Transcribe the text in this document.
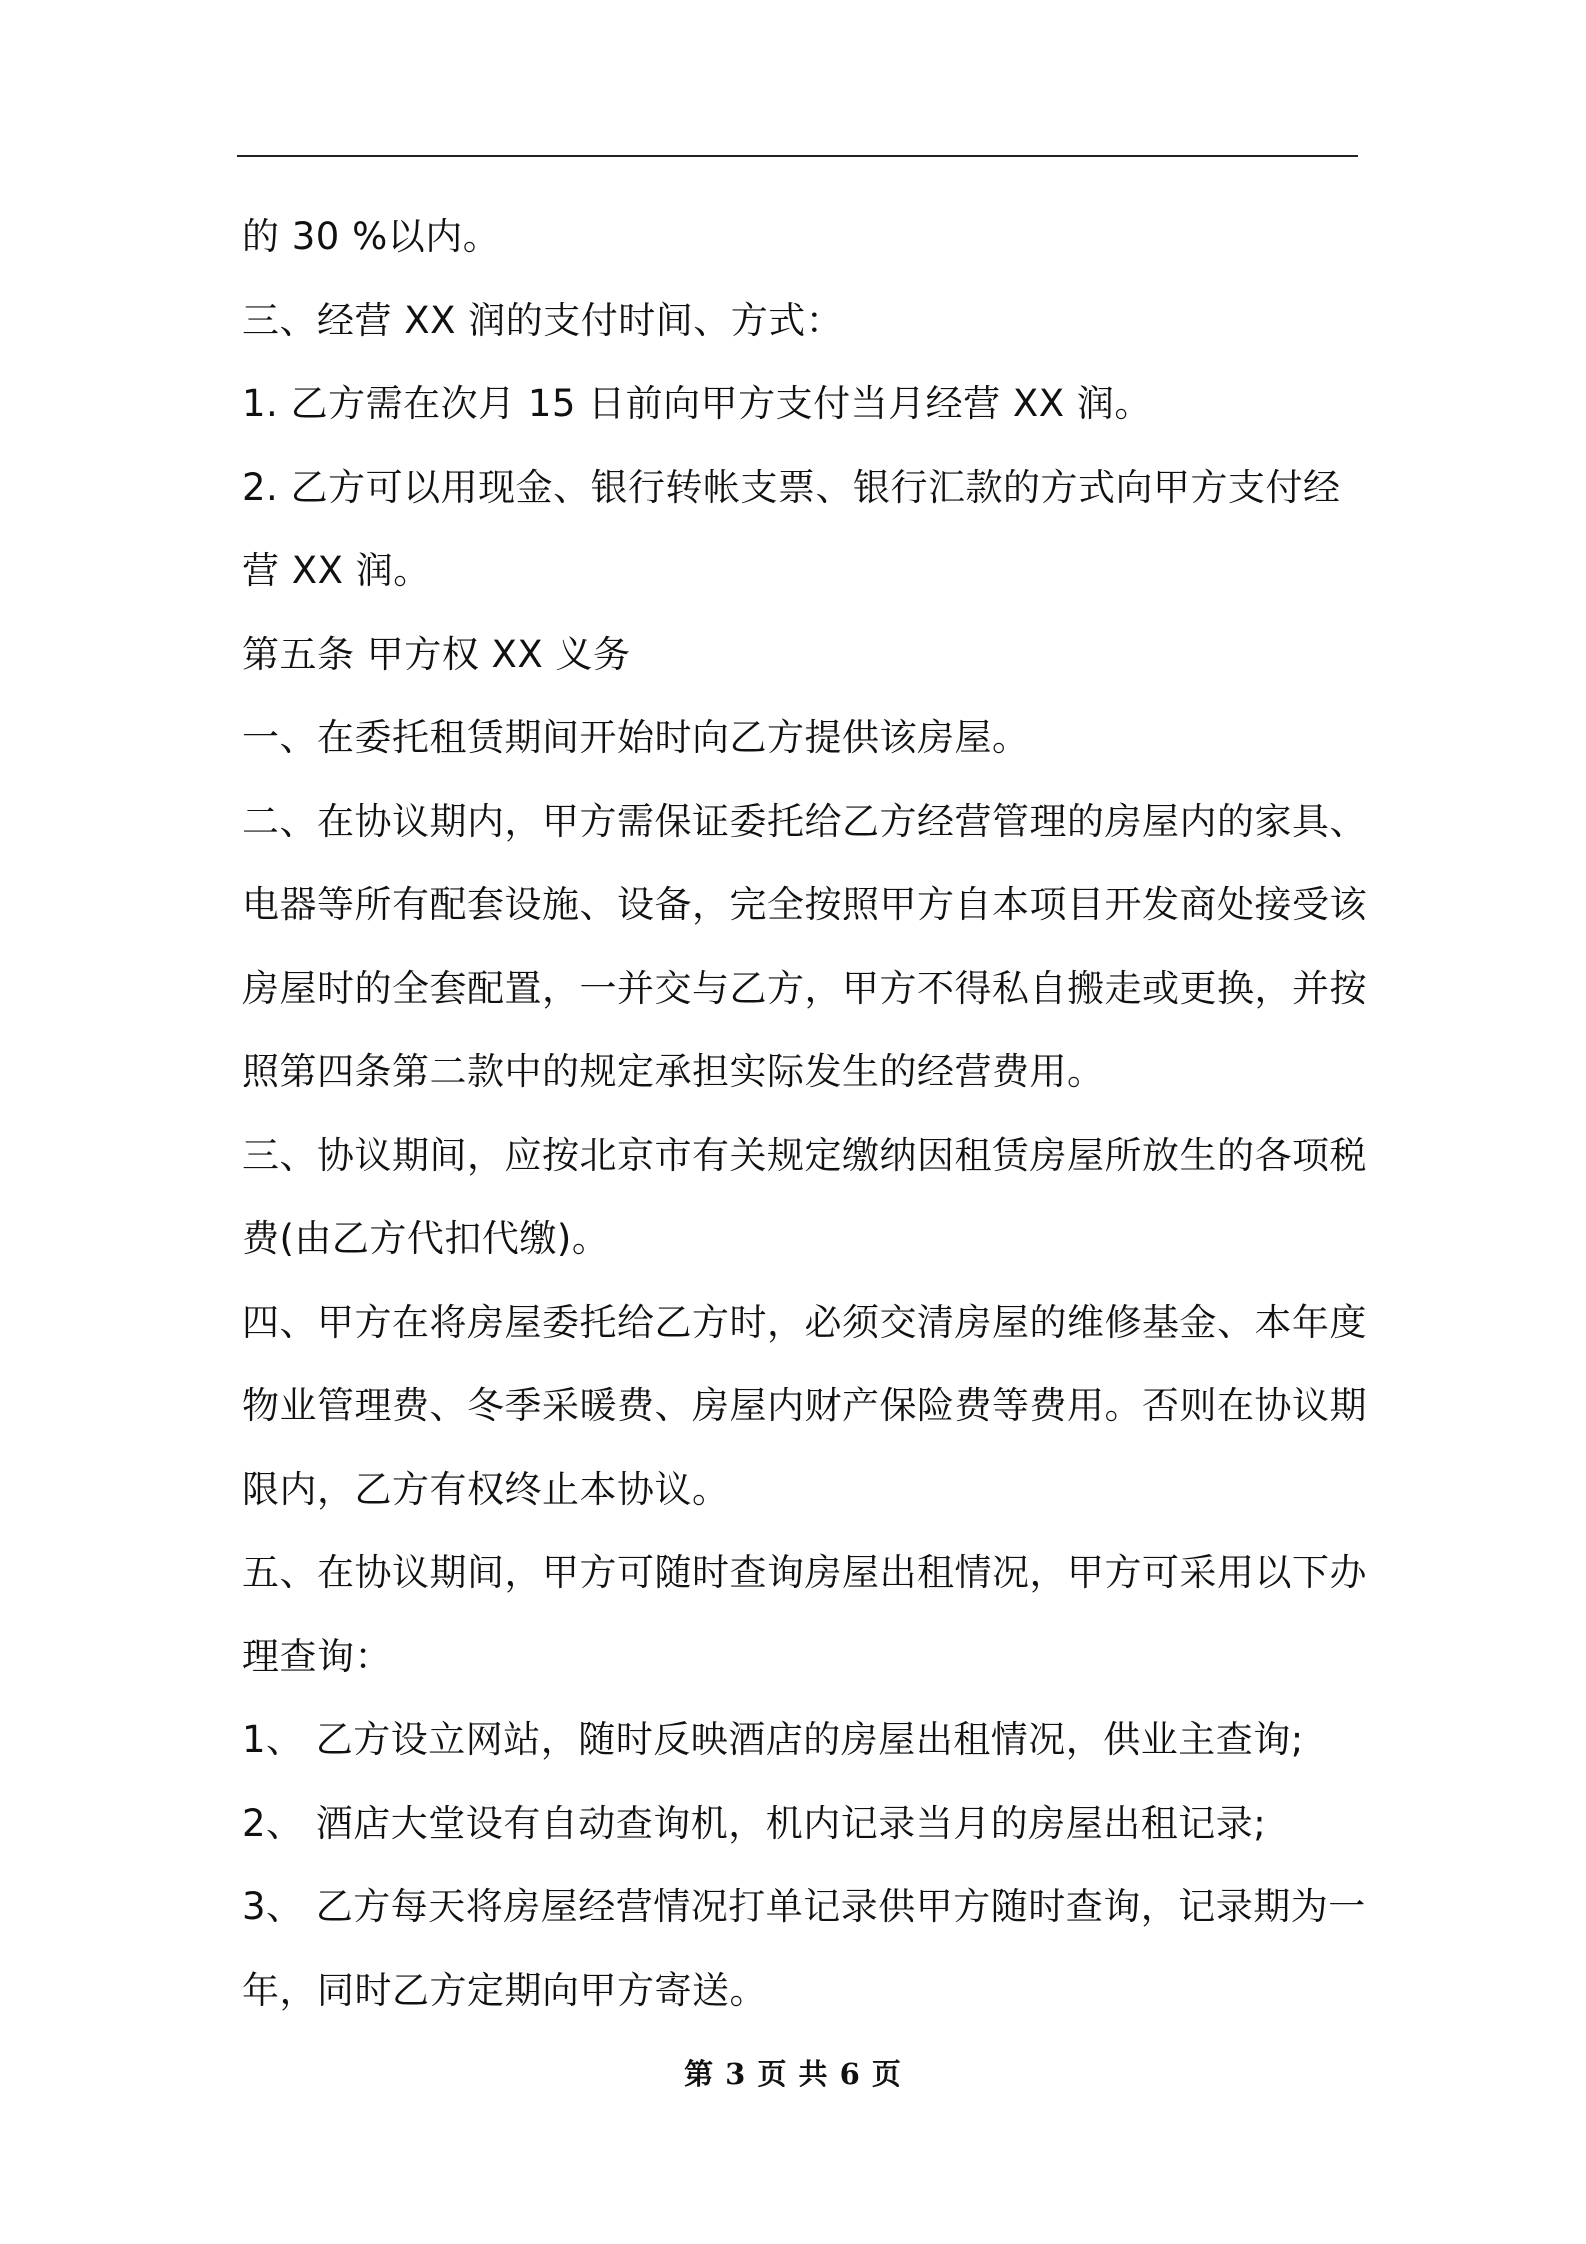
的 30 %以内。
三、经营 XX 润的支付时间、方式：
1. 乙方需在次月 15 日前向甲方支付当月经营 XX 润。
2. 乙方可以用现金、银行转帐支票、银行汇款的方式向甲方支付经
营 XX 润。
第五条 甲方权 XX 义务
一、在委托租赁期间开始时向乙方提供该房屋。
二、在协议期内，甲方需保证委托给乙方经营管理的房屋内的家具、
电器等所有配套设施、设备，完全按照甲方自本项目开发商处接受该
房屋时的全套配置，一并交与乙方，甲方不得私自搬走或更换，并按
照第四条第二款中的规定承担实际发生的经营费用。
三、协议期间，应按北京市有关规定缴纳因租赁房屋所放生的各项税
费(由乙方代扣代缴)。
四、甲方在将房屋委托给乙方时，必须交清房屋的维修基金、本年度
物业管理费、冬季采暖费、房屋内财产保险费等费用。否则在协议期
限内，乙方有权终止本协议。
五、在协议期间，甲方可随时查询房屋出租情况，甲方可采用以下办
理查询：
1、 乙方设立网站，随时反映酒店的房屋出租情况，供业主查询;
2、 酒店大堂设有自动查询机，机内记录当月的房屋出租记录;
3、 乙方每天将房屋经营情况打单记录供甲方随时查询，记录期为一
年，同时乙方定期向甲方寄送。
第 3 页 共 6 页
